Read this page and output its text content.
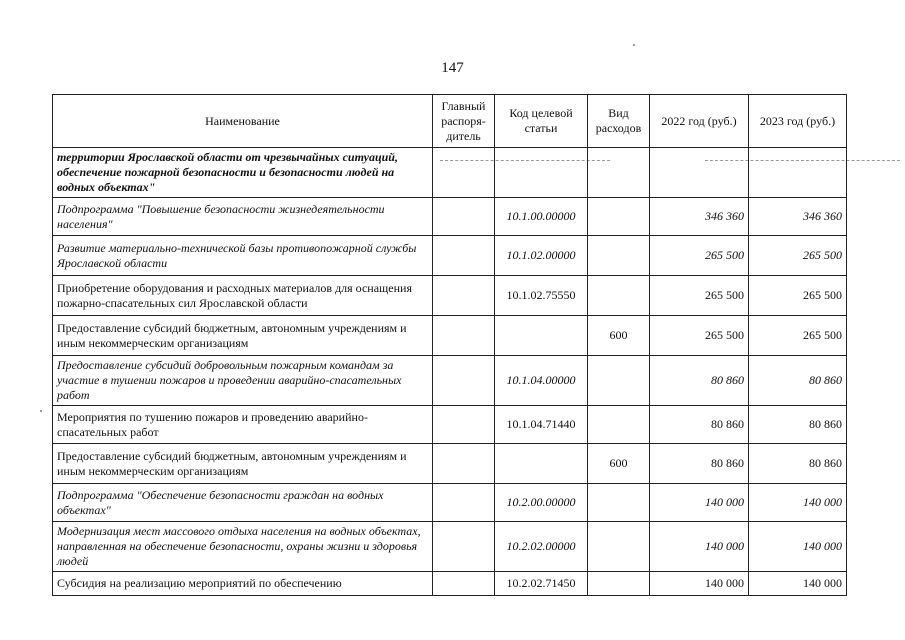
147
Наименование	Главный распоря-дитель	Код целевой статьи	Вид расходов	2022 год (руб.)	2023 год (руб.)
территории Ярославской области от чрезвычайных ситуаций, обеспечение пожарной безопасности и безопасности людей на водных объектах"					
Подпрограмма "Повышение безопасности жизнедеятельности населения"		10.1.00.00000		346 360	346 360
Развитие материально-технической базы противопожарной службы Ярославской области		10.1.02.00000		265 500	265 500
Приобретение оборудования и расходных материалов для оснащения пожарно-спасательных сил Ярославской области		10.1.02.75550		265 500	265 500
Предоставление субсидий бюджетным, автономным учреждениям и иным некоммерческим организациям			600	265 500	265 500
Предоставление субсидий добровольным пожарным командам за участие в тушении пожаров и проведении аварийно-спасательных работ		10.1.04.00000		80 860	80 860
Мероприятия по тушению пожаров и проведению аварийно-спасательных работ		10.1.04.71440		80 860	80 860
Предоставление субсидий бюджетным, автономным учреждениям и иным некоммерческим организациям			600	80 860	80 860
Подпрограмма "Обеспечение безопасности граждан на водных объектах"		10.2.00.00000		140 000	140 000
Модернизация мест массового отдыха населения на водных объектах, направленная на обеспечение безопасности, охраны жизни и здоровья людей		10.2.02.00000		140 000	140 000
Субсидия на реализацию мероприятий по обеспечению		10.2.02.71450		140 000	140 000
